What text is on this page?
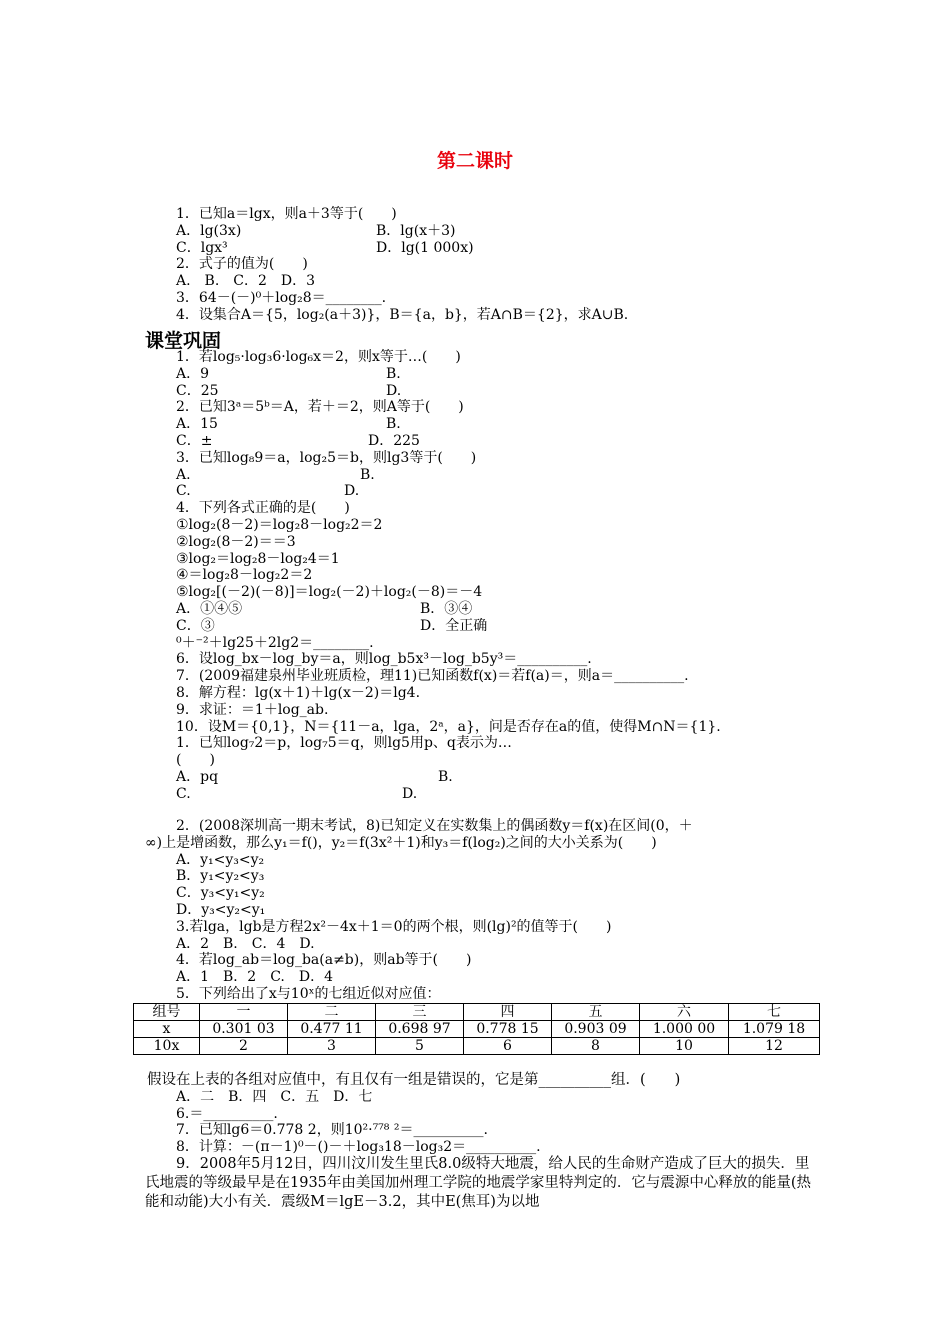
第二课时
1．已知a＝lgx，则a＋3等于(　　)
A．lg(3x)	B．lg(x＋3)
C．lgx³	D．lg(1 000x)
2．式子的值为(　　)
A.　B.　C．2　D．3
3．64－(－)⁰＋log₂8＝________.
4．设集合A＝{5，log₂(a＋3)}，B＝{a，b}，若A∩B＝{2}，求A∪B.
课堂巩固
1．若log₅·log₃6·log₆x＝2，则x等于…(　　)
A．9	B.
C．25	D.
2．已知3ᵃ＝5ᵇ＝A，若＋＝2，则A等于(　　)
A．15	B.
C．±	D．225
3．已知log₈9＝a，log₂5＝b，则lg3等于(　　)
A.	B.
C.	D.
4．下列各式正确的是(　　)
①log₂(8－2)＝log₂8－log₂2＝2
②log₂(8－2)＝＝3
③log₂＝log₂8－log₂4＝1
④＝log₂8－log₂2＝2
⑤log₂[(－2)(－8)]＝log₂(－2)＋log₂(－8)＝－4
A．①④⑤	B．③④
C．③	D．全正确
⁰＋⁻²＋lg25＋2lg2＝________.
6．设log_bx－log_by＝a，则log_b5x³－log_b5y³＝__________.
7．(2009福建泉州毕业班质检，理11)已知函数f(x)＝若f(a)＝，则a＝__________.
8．解方程：lg(x＋1)＋lg(x－2)＝lg4.
9．求证：＝1＋log_ab.
10．设M＝{0,1}，N＝{11－a，lga，2ᵃ，a}，问是否存在a的值，使得M∩N＝{1}.
1．已知log₇2＝p，log₇5＝q，则lg5用p、q表示为…
(　　)
A．pq	B.
C.	D.
2．(2008深圳高一期末考试，8)已知定义在实数集上的偶函数y＝f(x)在区间(0，＋
∞)上是增函数，那么y₁＝f()，y₂＝f(3x²＋1)和y₃＝f(log₂)之间的大小关系为(　　)
A．y₁<y₃<y₂
B．y₁<y₂<y₃
C．y₃<y₁<y₂
D．y₃<y₂<y₁
3.若lga，lgb是方程2x²－4x＋1＝0的两个根，则(lg)²的值等于(　　)
A．2　B.　C．4　D.
4．若log_ab＝log_ba(a≠b)，则ab等于(　　)
A．1　B．2　C.　D．4
5．下列给出了x与10ˣ的七组近似对应值：
组号	一	二	三	四	五	六	七
x	0.301 03	0.477 11	0.698 97	0.778 15	0.903 09	1.000 00	1.079 18
10x	2	3	5	6	8	10	12
假设在上表的各组对应值中，有且仅有一组是错误的，它是第__________组．(　　)
A．二　B．四　C．五　D．七
6.＝__________.
7．已知lg6＝0.778 2，则10²·⁷⁷⁸ ²＝__________.
8．计算：－(π－1)⁰－()－＋log₃18－log₃2＝__________.
9．2008年5月12日，四川汶川发生里氏8.0级特大地震，给人民的生命财产造成了巨大的损失．里氏地震的等级最早是在1935年由美国加州理工学院的地震学家里特判定的．它与震源中心释放的能量(热能和动能)大小有关．震级M＝lgE－3.2，其中E(焦耳)为以地
